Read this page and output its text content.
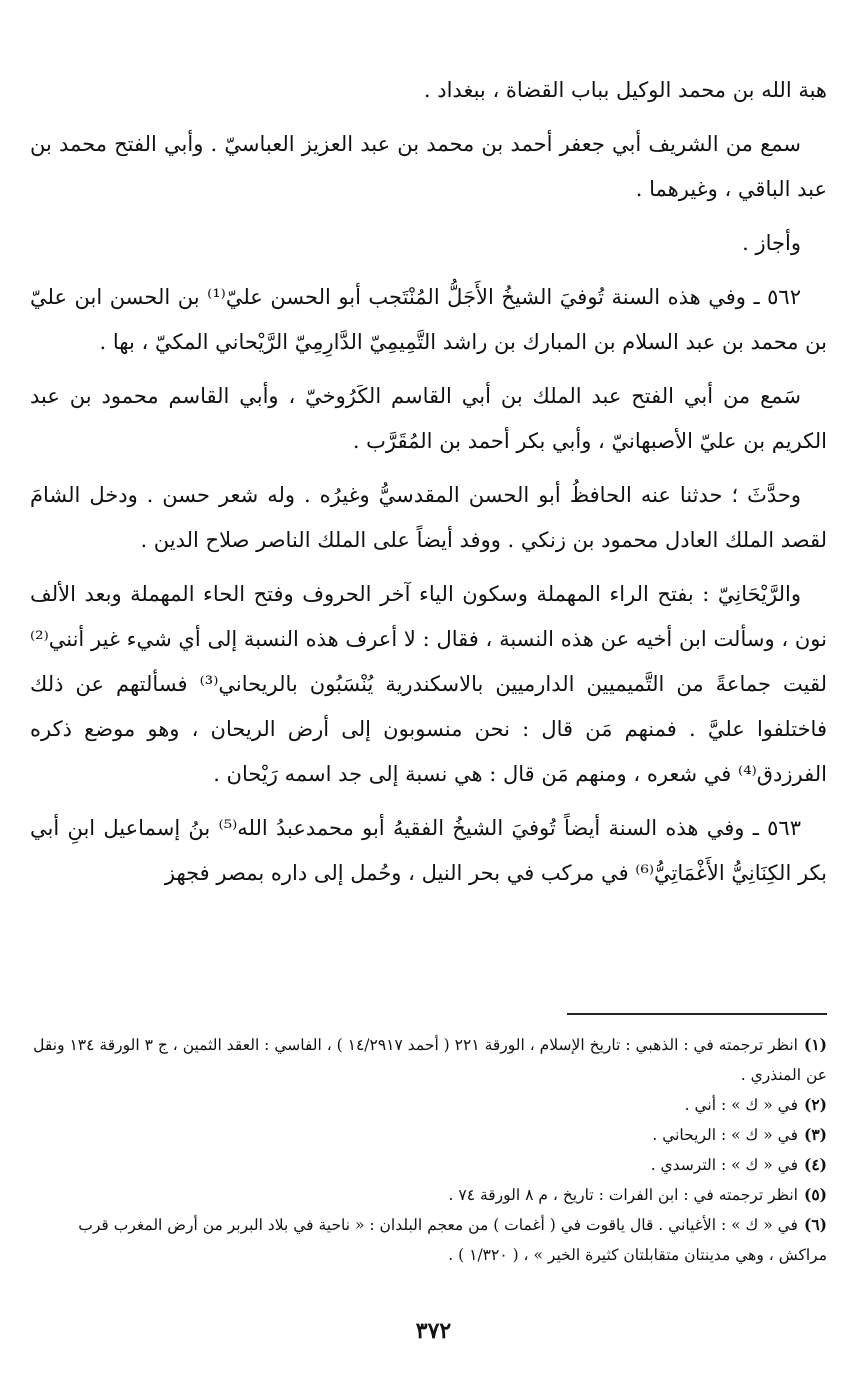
هبة الله بن محمد الوكيل بباب القضاة ، ببغداد .

سمع من الشريف أبي جعفر أحمد بن محمد بن عبد العزيز العباسيّ . وأبي الفتح محمد بن عبد الباقي ، وغيرهما .

وأجاز .

٥٦٢ ـ وفي هذه السنة تُوفيَ الشيخُ الأَجَلُّ المُنْتَجب أبو الحسن عليّ⁽¹⁾ بن الحسن ابن عليّ بن محمد بن عبد السلام بن المبارك بن راشد التَّمِيمِيّ الدَّارِمِيّ الرَّيْحاني المكيّ ، بها .

سَمع من أبي الفتح عبد الملك بن أبي القاسم الكَرُوخيّ ، وأبي القاسم محمود بن عبد الكريم بن عليّ الأصبهانيّ ، وأبي بكر أحمد بن المُقَرَّب .

وحدَّثَ ؛ حدثنا عنه الحافظُ أبو الحسن المقدسيُّ وغيرُه . وله شعر حسن . ودخل الشامَ لقصد الملك العادل محمود بن زنكي . ووفد أيضاً على الملك الناصر صلاح الدين .

والرَّيْحَانِيّ : بفتح الراء المهملة وسكون الياء آخر الحروف وفتح الحاء المهملة وبعد الألف نون ، وسألت ابن أخيه عن هذه النسبة ، فقال : لا أعرف هذه النسبة إلى أي شيء غير أنني⁽²⁾ لقيت جماعةً من التَّميميين الدارميين بالاسكندرية يُنْسَبُون بالريحاني⁽³⁾ فسألتهم عن ذلك فاختلفوا عليَّ . فمنهم مَن قال : نحن منسوبون إلى أرض الريحان ، وهو موضع ذكره الفرزدق⁽⁴⁾ في شعره ، ومنهم مَن قال : هي نسبة إلى جد اسمه رَيْحان .

٥٦٣ ـ وفي هذه السنة أيضاً تُوفيَ الشيخُ الفقيهُ أبو محمدعبدُ الله⁽⁵⁾ بنُ إسماعيل ابنِ أبي بكر الكِنَانِيُّ الأَغْمَاتِيُّ⁽⁶⁾ في مركب في بحر النيل ، وحُمل إلى داره بمصر فجهز

(١)انظر ترجمته في : الذهبي : تاريخ الإسلام ، الورقة ٢٢١ ( أحمد ١٤/٢٩١٧ ) ، الفاسي : العقد الثمين ، ج ٣ الورقة ١٣٤ ونقل عن المنذري .

(٢)في « ك » : أني .

(٣)في « ك » : الريحاني .

(٤)في « ك » : الترسدي .

(٥)انظر ترجمته في : ابن الفرات : تاريخ ، م ٨ الورقة ٧٤ .

(٦)في « ك » : الأغياني . قال ياقوت في ( أغمات ) من معجم البلدان : « ناحية في بلاد البربر من أرض المغرب قرب مراكش ، وهي مدينتان متقابلتان كثيرة الخير » ، ( ١/٣٢٠ ) .

٣٧٢
